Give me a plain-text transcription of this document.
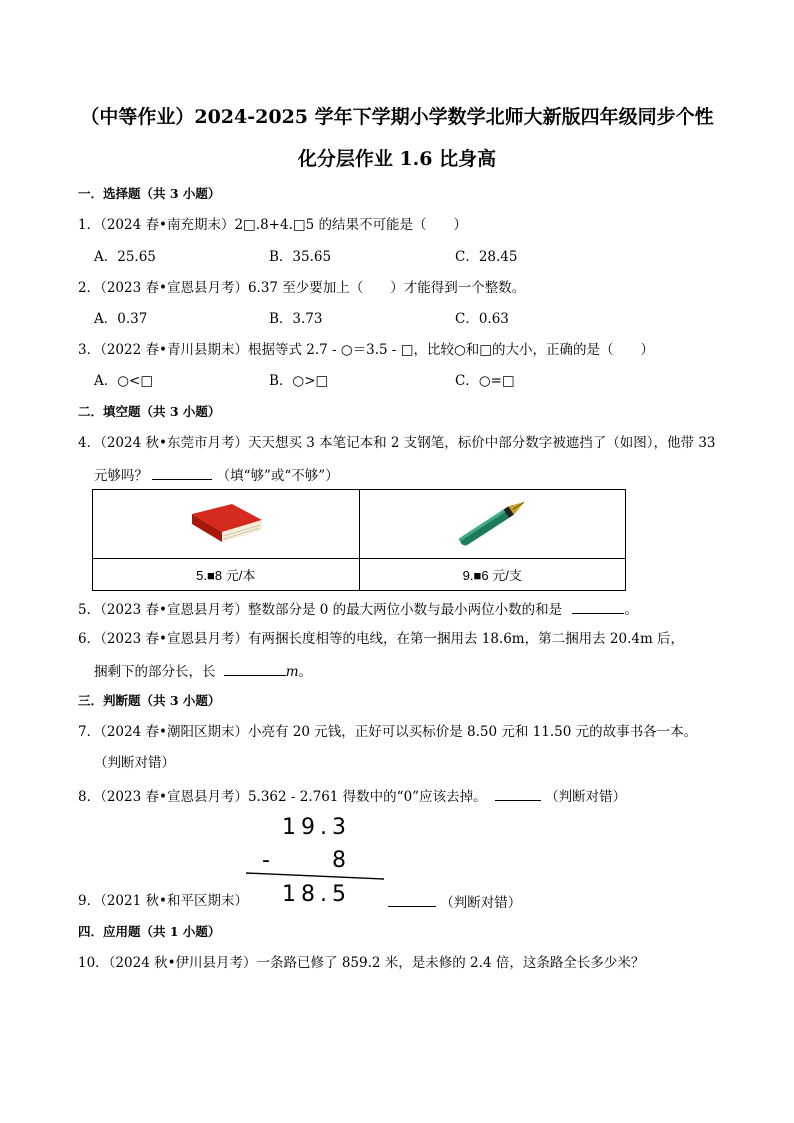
（中等作业）2024-2025 学年下学期小学数学北师大新版四年级同步个性
化分层作业 1.6 比身高
一．选择题（共 3 小题）
1．（2024 春•南充期末）2□.8+4.□5 的结果不可能是（　　）
A．25.65	B．35.65	C．28.45
2．（2023 春•宣恩县月考）6.37 至少要加上（　　）才能得到一个整数。
A．0.37	B．3.73	C．0.63
3．（2022 春•青川县期末）根据等式 2.7 - ○＝3.5 - □，比较○和□的大小，正确的是（　　）
A．○<□	B．○>□	C．○=□
二．填空题（共 3 小题）
4．（2024 秋•东莞市月考）天天想买 3 本笔记本和 2 支钢笔，标价中部分数字被遮挡了（如图），他带 33
元够吗？	（填“够”或“不够”）

5.■8 元/本	9.■6 元/支
5．（2023 春•宣恩县月考）整数部分是 0 的最大两位小数与最小两位小数的和是	。
6．（2023 春•宣恩县月考）有两捆长度相等的电线，在第一捆用去 18.6m，第二捆用去 20.4m 后，
捆剩下的部分长，长	m。
三．判断题（共 3 小题）
7．（2024 春•潮阳区期末）小亮有 20 元钱，正好可以买标价是 8.50 元和 11.50 元的故事书各一本。
（判断对错）
8．（2023 春•宣恩县月考）5.362 - 2.761 得数中的“0”应该去掉。	（判断对错）
19.3
-	8
18.5
9．（2021 秋•和平区期末）	（判断对错）
四．应用题（共 1 小题）
10．（2024 秋•伊川县月考）一条路已修了 859.2 米，是未修的 2.4 倍，这条路全长多少米？
